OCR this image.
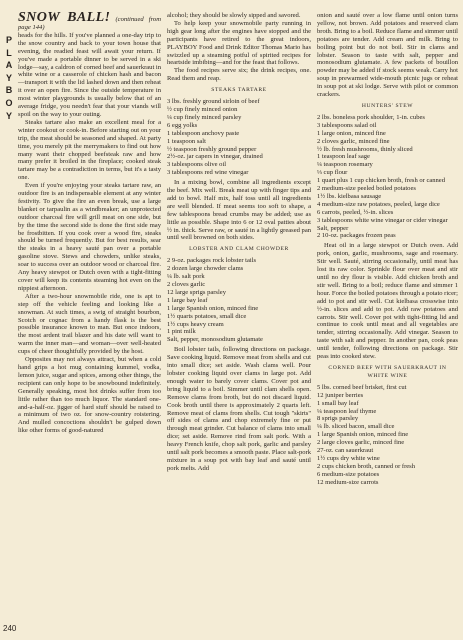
P
L
A
Y
B
O
Y
240
SNOW BALL! (continued from page 144)

heads for the hills. If you've planned a one-day trip to the snow country and back to your town house that evening, the readied feast will await your return. If you've made a portable dinner to be served in a ski lodge—say, a caldron of corned beef and sauerkraut in white wine or a casserole of chicken hash and bacon—transport it with the lid lashed down and then reheat it over an open fire. Since the outside temperature in most winter playgrounds is usually below that of an average fridge, you needn't fear that your viands will spoil on the way to your outing.

Steaks tartare also make an excellent meal for a winter cookout or cook-in. Before starting out on your trip, the meat should be seasoned and shaped. At party time, you merely pit the merrymakers to find out how many want their chopped beefsteak raw and how many prefer it broiled in the fireplace; cooked steak tartare may be a contradiction in terms, but it's a tasty one.

Even if you're enjoying your steaks tartare raw, an outdoor fire is an indispensable element at any winter festivity. To give the fire an even break, use a large blanket or tarpaulin as a windbreaker; an unprotected outdoor charcoal fire will grill meat on one side, but by the time the second side is done the first side may be frostbitten. If you cook over a wood fire, steaks should be turned frequently. But for best results, sear the steaks in a heavy sauté pan over a portable gasoline stove. Stews and chowders, unlike steaks, soar to success over an outdoor wood or charcoal fire. Any heavy stewpot or Dutch oven with a tight-fitting cover will keep its contents steaming hot even on the nippiest afternoon.

After a two-hour snowmobile ride, one is apt to step off the vehicle feeling and looking like a snowman. At such times, a swig of straight bourbon, Scotch or cognac from a handy flask is the best possible insurance known to man. But once indoors, the most ardent trail blazer and his date will want to warm the inner man—and woman—over well-heated cups of cheer thoughtfully provided by the host.

Opposites may not always attract, but when a cold hand grips a hot mug containing kummel, vodka, lemon juice, sugar and spices, among other things, the recipient can only hope to be snowbound indefinitely. Generally speaking, most hot drinks suffer from too little rather than too much liquor. The standard one-and-a-half-oz. jigger of hard stuff should be raised to a minimum of two oz. for snow-country roistering. And mulled concoctions shouldn't be gulped down like other forms of good-natured

alcohol; they should be slowly sipped and savored.

To help keep your snowmobile party running in high gear long after the engines have stopped and the participants have retired to the great indoors, PLAYBOY Food and Drink Editor Thomas Mario has swizzled up a steaming potful of spirited recipes for heartside imbibing—and for the feast that follows.

The food recipes serve six; the drink recipes, one. Read them and reap.

STEAKS TARTARE
3 lbs. freshly ground sirloin of beef
½ cup finely minced onion
¼ cup finely minced parsley
6 egg yolks
1 tablespoon anchovy paste
1 teaspoon salt
½ teaspoon freshly ground pepper
2½-oz. jar capers in vinegar, drained
3 tablespoons olive oil
3 tablespoons red wine vinegar

In a mixing bowl, combine all ingredients except the beef. Mix well. Break meat up with finger tips and add to bowl. Half mix, half toss until all ingredients are well blended. If meat seems too soft to shape, a few tablespoons bread crumbs may be added; use as little as possible. Shape into 6 or 12 oval patties about ½ in. thick. Serve raw, or sauté in a lightly greased pan until well browned on both sides.

LOBSTER AND CLAM CHOWDER
2 9-oz. packages rock lobster tails
2 dozen large chowder clams
¼ lb. salt pork
2 cloves garlic
12 large sprigs parsley
1 large bay leaf
1 large Spanish onion, minced fine
1½ quarts potatoes, small dice
1½ cups heavy cream
1 pint milk
Salt, pepper, monosodium glutamate

Boil lobster tails, following directions on package. Save cooking liquid. Remove meat from shells and cut into small dice; set aside. Wash clams well. Pour lobster cooking liquid over clams in large pot. Add enough water to barely cover clams. Cover pot and bring liquid to a boil. Simmer until clam shells open. Remove clams from broth, but do not discard liquid. Cook broth until there is approximately 2 quarts left. Remove meat of clams from shells. Cut tough "skirts" off sides of clams and chop extremely fine or put through meat grinder. Cut balance of clams into small dice; set aside. Remove rind from salt pork. With a heavy French knife, chop salt pork, garlic and parsley until salt pork becomes a smooth paste. Place salt-pork mixture in a soup pot with bay leaf and sauté until pork melts. Add

onion and sauté over a low flame until onion turns yellow, not brown. Add potatoes and reserved clam broth. Bring to a boil. Reduce flame and simmer until potatoes are tender. Add cream and milk. Bring to boiling point but do not boil. Stir in clams and lobster. Season to taste with salt, pepper and monosodium glutamate. A few packets of bouillon powder may be added if stock seems weak. Carry hot soup in prewarmed wide-mouth picnic jugs or reheat in soup pot at ski lodge. Serve with pilot or common crackers.

HUNTERS' STEW
2 lbs. boneless pork shoulder, 1-in. cubes
3 tablespoons salad oil
1 large onion, minced fine
2 cloves garlic, minced fine
½ lb. fresh mushrooms, thinly sliced
1 teaspoon leaf sage
¼ teaspoon rosemary
⅓ cup flour
1 quart plus 1 cup chicken broth, fresh or canned
2 medium-size peeled boiled potatoes
1½ lbs. kielbasa sausage
4 medium-size raw potatoes, peeled, large dice
6 carrots, peeled, ½-in. slices
3 tablespoons white wine vinegar or cider vinegar
Salt, pepper
2 10-oz. packages frozen peas

Heat oil in a large stewpot or Dutch oven. Add pork, onion, garlic, mushrooms, sage and rosemary. Stir well. Sauté, stirring occasionally, until meat has lost its raw color. Sprinkle flour over meat and stir until no dry flour is visible. Add chicken broth and stir well. Bring to a boil; reduce flame and simmer 1 hour. Force the boiled potatoes through a potato ricer; add to pot and stir well. Cut kielbasa crosswise into ½-in. slices and add to pot. Add raw potatoes and carrots. Stir well. Cover pot with tight-fitting lid and continue to cook until meat and all vegetables are tender, stirring occasionally. Add vinegar. Season to taste with salt and pepper. In another pan, cook peas until tender, following directions on package. Stir peas into cooked stew.

CORNED BEEF WITH SAUERKRAUT IN WHITE WINE
5 lbs. corned beef brisket, first cut
12 juniper berries
1 small bay leaf
¼ teaspoon leaf thyme
8 sprigs parsley
¼ lb. sliced bacon, small dice
1 large Spanish onion, minced fine
2 large cloves garlic, minced fine
27-oz. can sauerkraut
1½ cups dry white wine
2 cups chicken broth, canned or fresh
6 medium-size potatoes
12 medium-size carrots
